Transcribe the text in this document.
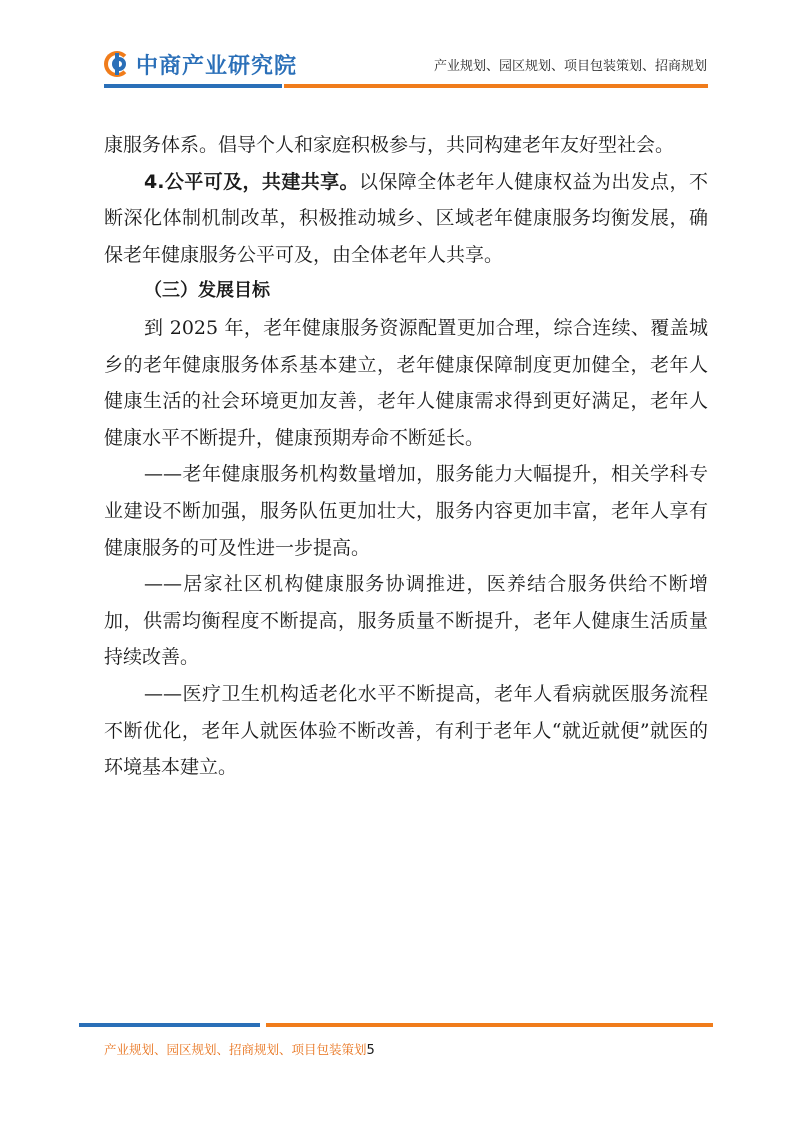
中商产业研究院	产业规划、园区规划、项目包装策划、招商规划

康服务体系。倡导个人和家庭积极参与，共同构建老年友好型社会。

4.公平可及，共建共享。以保障全体老年人健康权益为出发点，不断深化体制机制改革，积极推动城乡、区域老年健康服务均衡发展，确保老年健康服务公平可及，由全体老年人共享。

（三）发展目标

到 2025 年，老年健康服务资源配置更加合理，综合连续、覆盖城乡的老年健康服务体系基本建立，老年健康保障制度更加健全，老年人健康生活的社会环境更加友善，老年人健康需求得到更好满足，老年人健康水平不断提升，健康预期寿命不断延长。

——老年健康服务机构数量增加，服务能力大幅提升，相关学科专业建设不断加强，服务队伍更加壮大，服务内容更加丰富，老年人享有健康服务的可及性进一步提高。

——居家社区机构健康服务协调推进，医养结合服务供给不断增加，供需均衡程度不断提高，服务质量不断提升，老年人健康生活质量持续改善。

——医疗卫生机构适老化水平不断提高，老年人看病就医服务流程不断优化，老年人就医体验不断改善，有利于老年人“就近就便”就医的环境基本建立。

产业规划、园区规划、招商规划、项目包装策划5
